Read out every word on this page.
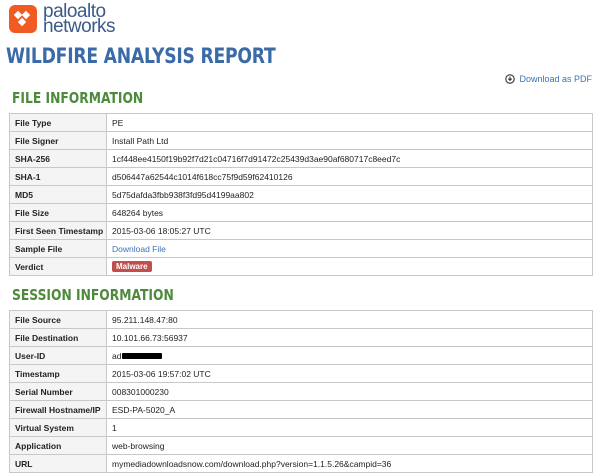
paloalto
networks
WILDFIRE ANALYSIS REPORT
Download as PDF
FILE INFORMATION
File Type	PE
File Signer	Install Path Ltd
SHA-256	1cf448ee4150f19b92f7d21c04716f7d91472c25439d3ae90af680717c8eed7c
SHA-1	d506447a62544c1014f618cc75f9d59f62410126
MD5	5d75dafda3fbb938f3fd95d4199aa802
File Size	648264 bytes
First Seen Timestamp	2015-03-06 18:05:27 UTC
Sample File	Download File
Verdict	Malware
SESSION INFORMATION
File Source	95.211.148.47:80
File Destination	10.101.66.73:56937
User-ID	ad
Timestamp	2015-03-06 19:57:02 UTC
Serial Number	008301000230
Firewall Hostname/IP	ESD-PA-5020_A
Virtual System	1
Application	web-browsing
URL	mymediadownloadsnow.com/download.php?version=1.1.5.26&campid=36
